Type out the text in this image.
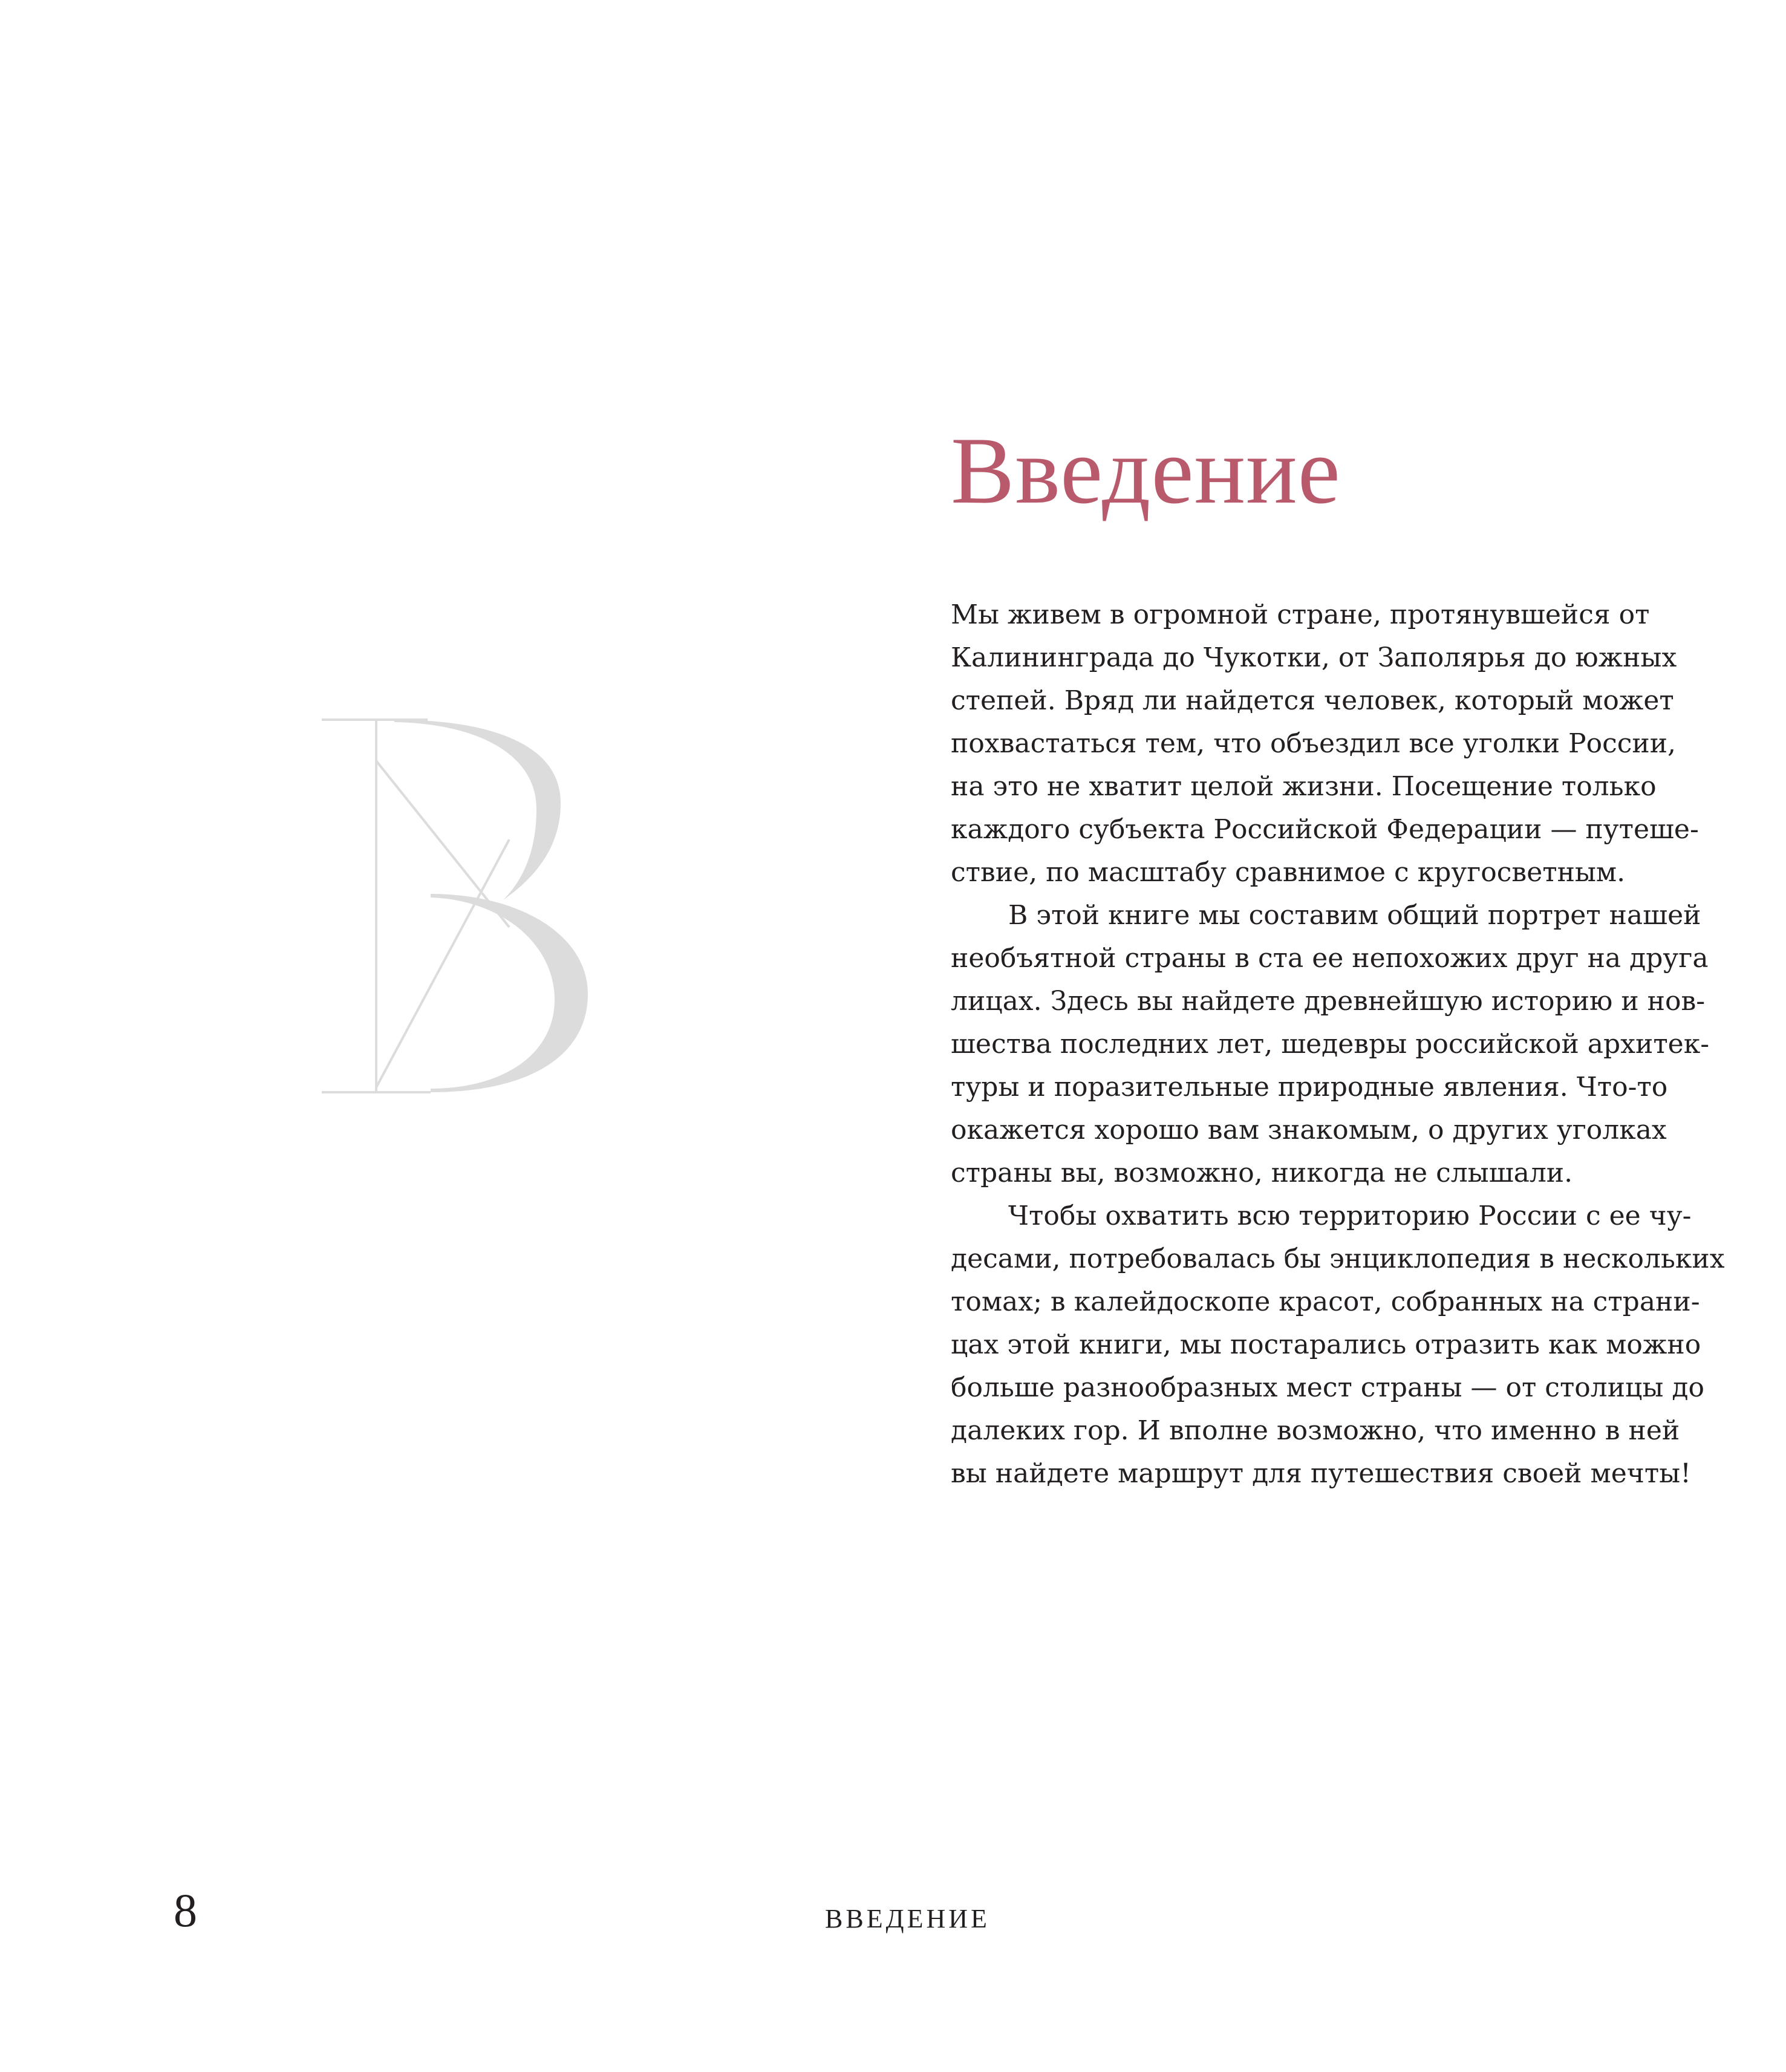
Введение

Мы живем в огромной стране, протянувшейся от
Калининграда до Чукотки, от Заполярья до южных
степей. Вряд ли найдется человек, который может
похвастаться тем, что объездил все уголки России,
на это не хватит целой жизни. Посещение только
каждого субъекта Российской Федерации — путеше-
ствие, по масштабу сравнимое с кругосветным.

В этой книге мы составим общий портрет нашей
необъятной страны в ста ее непохожих друг на друга
лицах. Здесь вы найдете древнейшую историю и нов-
шества последних лет, шедевры российской архитек-
туры и поразительные природные явления. Что-то
окажется хорошо вам знакомым, о других уголках
страны вы, возможно, никогда не слышали.

Чтобы охватить всю территорию России с ее чу-
десами, потребовалась бы энциклопедия в нескольких
томах; в калейдоскопе красот, собранных на страни-
цах этой книги, мы постарались отразить как можно
больше разнообразных мест страны — от столицы до
далеких гор. И вполне возможно, что именно в ней
вы найдете маршрут для путешествия своей мечты!

8	ВВЕДЕНИЕ
